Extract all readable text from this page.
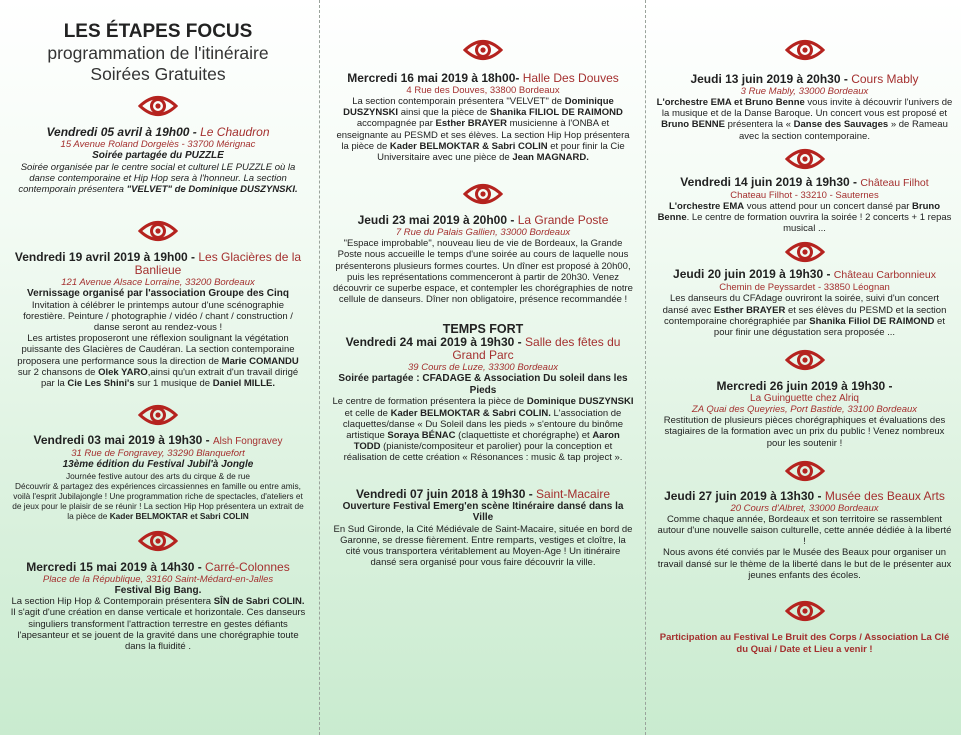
LES ÉTAPES FOCUS
programmation de l'itinéraire
Soirées Gratuites
Vendredi 05 avril à 19h00 - Le Chaudron
15 Avenue Roland Dorgelès - 33700 Mérignac
Soirée partagée du PUZZLE
Soirée organisée par le centre social et culturel LE PUZZLE où la danse contemporaine et Hip Hop sera à l'honneur. La section contemporain présentera "VELVET" de Dominique DUSZYNSKI.
Vendredi 19 avril 2019 à 19h00 - Les Glacières de la Banlieue
121 Avenue Alsace Lorraine, 33200 Bordeaux
Vernissage organisé par l'association Groupe des Cinq
Invitation à célébrer le printemps autour d'une scénographie forestière. Peinture / photographie / vidéo / chant / construction / danse seront au rendez-vous !
Les artistes proposeront une réflexion soulignant la végétation puissante des Glacières de Caudéran. La section contemporaine proposera une performance sous la direction de Marie COMANDU sur 2 chansons de Olek YARO,ainsi qu'un extrait d'un travail dirigé par la Cie Les Shini's sur 1 musique de Daniel MILLE.
Vendredi 03 mai 2019 à 19h30 - Alsh Fongravey
31 Rue de Fongravey, 33290 Blanquefort
13ème édition du Festival Jubil'à Jongle
Journée festive autour des arts du cirque & de rue
Découvrir & partagez des expériences circassiennes en famille ou entre amis, voilà l'esprit Jubilajongle ! Une programmation riche de spectacles, d'ateliers et de jeux pour le plaisir de se réunir ! La section Hip Hop présentera un extrait de la pièce de Kader BELMOKTAR et Sabri COLIN
Mercredi 15 mai 2019 à 14h30 - Carré-Colonnes
Place de la République, 33160 Saint-Médard-en-Jalles
Festival Big Bang.
La section Hip Hop & Contemporain présentera SÎN de Sabri COLIN. Il s'agit d'une création en danse verticale et horizontale. Ces danseurs singuliers transforment l'attraction terrestre en gestes défiants l'apesanteur et se jouent de la gravité dans une chorégraphie toute dans la fluidité .
Mercredi 16 mai 2019 à 18h00- Halle Des Douves
4 Rue des Douves, 33800 Bordeaux
La section contemporain présentera "VELVET" de Dominique DUSZYNSKI ainsi que la pièce de Shanika FILIOL DE RAIMOND accompagnée par Esther BRAYER musicienne à l'ONBA et enseignante au PESMD et ses élèves. La section Hip Hop présentera la pièce de Kader BELMOKTAR & Sabri COLIN et pour finir la Cie Universitaire avec une pièce de Jean MAGNARD.
Jeudi 23 mai 2019 à 20h00 - La Grande Poste
7 Rue du Palais Gallien, 33000 Bordeaux
"Espace improbable", nouveau lieu de vie de Bordeaux, la Grande Poste nous accueille le temps d'une soirée au cours de laquelle nous présenterons plusieurs formes courtes. Un dîner est proposé à 20h00, puis les représentations commenceront à partir de 20h30. Venez découvrir ce superbe espace, et contempler les chorégraphies de notre cellule de danseurs. Dîner non obligatoire, présence recommandée !
TEMPS FORT
Vendredi 24 mai 2019 à 19h30 - Salle des fêtes du Grand Parc
39 Cours de Luze, 33300 Bordeaux
Soirée partagée : CFADAGE & Association Du soleil dans les Pieds
Le centre de formation présentera la pièce de Dominique DUSZYNSKI et celle de Kader BELMOKTAR & Sabri COLIN. L'association de claquettes/danse « Du Soleil dans les pieds » s'entoure du binôme artistique Soraya BÉNAC (claquettiste et chorégraphe) et Aaron TODD (pianiste/compositeur et parolier) pour la conception et réalisation de cette création « Résonances : music & tap project ».
Vendredi 07 juin 2018 à 19h30 - Saint-Macaire
Ouverture Festival Emerg'en scène Itinéraire dansé dans la Ville
En Sud Gironde, la Cité Médiévale de Saint-Macaire, située en bord de Garonne, se dresse fièrement. Entre remparts, vestiges et cloître, la cité vous transportera véritablement au Moyen-Age ! Un itinéraire dansé sera organisé pour vous faire découvrir la ville.
Jeudi 13 juin 2019 à 20h30 - Cours Mably
3 Rue Mably, 33000 Bordeaux
L'orchestre EMA et Bruno Benne vous invite à découvrir l'univers de la musique et de la Danse Baroque. Un concert vous est proposé et Bruno BENNE présentera la « Danse des Sauvages » de Rameau avec la section contemporaine.
Vendredi 14 juin 2019 à 19h30 - Château Filhot
Chateau Filhot - 33210 - Sauternes
L'orchestre EMA vous attend pour un concert dansé par Bruno Benne. Le centre de formation ouvrira la soirée ! 2 concerts + 1 repas musical ...
Jeudi 20 juin 2019 à 19h30 - Château Carbonnieux
Chemin de Peyssardet - 33850 Léognan
Les danseurs du CFAdage ouvriront la soirée, suivi d'un concert dansé avec Esther BRAYER et ses élèves du PESMD et la section contemporaine chorégraphiée par Shanika Filiol DE RAIMOND et pour finir une dégustation sera proposée ...
Mercredi 26 juin 2019 à 19h30 -
La Guinguette chez Alriq
ZA Quai des Queyries, Port Bastide, 33100 Bordeaux
Restitution de plusieurs pièces chorégraphiques et évaluations des stagiaires de la formation avec un prix du public ! Venez nombreux pour les soutenir !
Jeudi 27 juin 2019 à 13h30 - Musée des Beaux Arts
20 Cours d'Albret, 33000 Bordeaux
Comme chaque année, Bordeaux et son territoire se rassemblent autour d'une nouvelle saison culturelle, cette année dédiée à la liberté !
Nous avons été conviés par le Musée des Beaux pour organiser un travail dansé sur le thème de la liberté dans le but de le présenter aux jeunes enfants des écoles.
Participation au Festival Le Bruit des Corps / Association La Clé du Quai / Date et Lieu a venir !
